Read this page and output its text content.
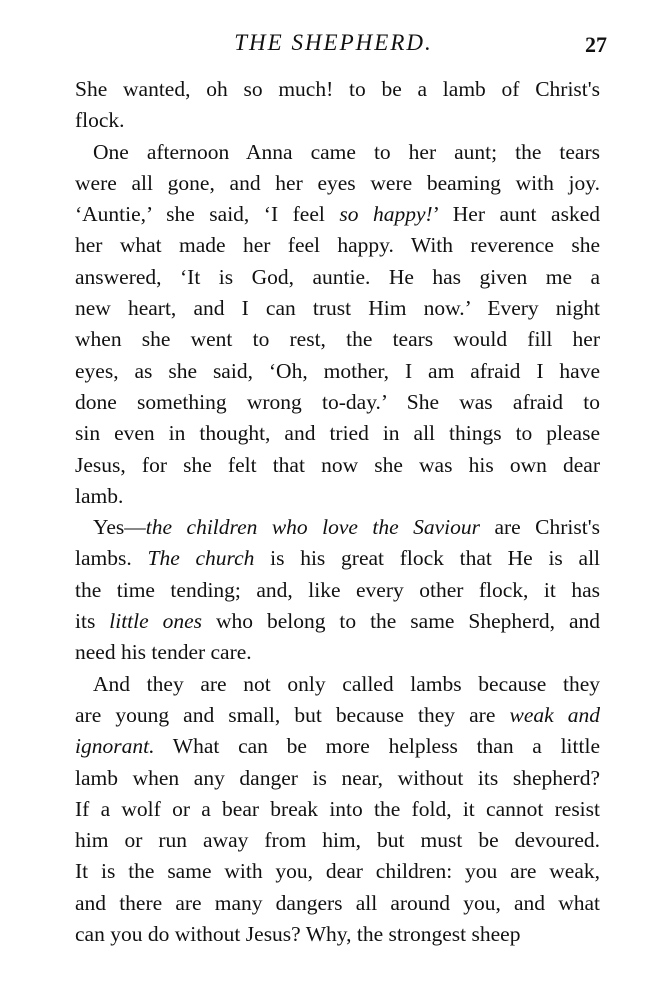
THE SHEPHERD.	27
She wanted, oh so much! to be a lamb of Christ's
flock.
One afternoon Anna came to her aunt; the tears
were all gone, and her eyes were beaming with joy.
‘Auntie,’ she said, ‘I feel so happy!’ Her aunt asked
her what made her feel happy. With reverence she
answered, ‘It is God, auntie. He has given me a
new heart, and I can trust Him now.’ Every night
when she went to rest, the tears would fill her
eyes, as she said, ‘Oh, mother, I am afraid I have
done something wrong to-day.’ She was afraid to
sin even in thought, and tried in all things to please
Jesus, for she felt that now she was his own dear
lamb.
Yes—the children who love the Saviour are Christ's
lambs. The church is his great flock that He is all
the time tending; and, like every other flock, it has
its little ones who belong to the same Shepherd, and
need his tender care.
And they are not only called lambs because they
are young and small, but because they are weak and
ignorant. What can be more helpless than a little
lamb when any danger is near, without its shepherd?
If a wolf or a bear break into the fold, it cannot resist
him or run away from him, but must be devoured.
It is the same with you, dear children: you are weak,
and there are many dangers all around you, and what
can you do without Jesus? Why, the strongest sheep
